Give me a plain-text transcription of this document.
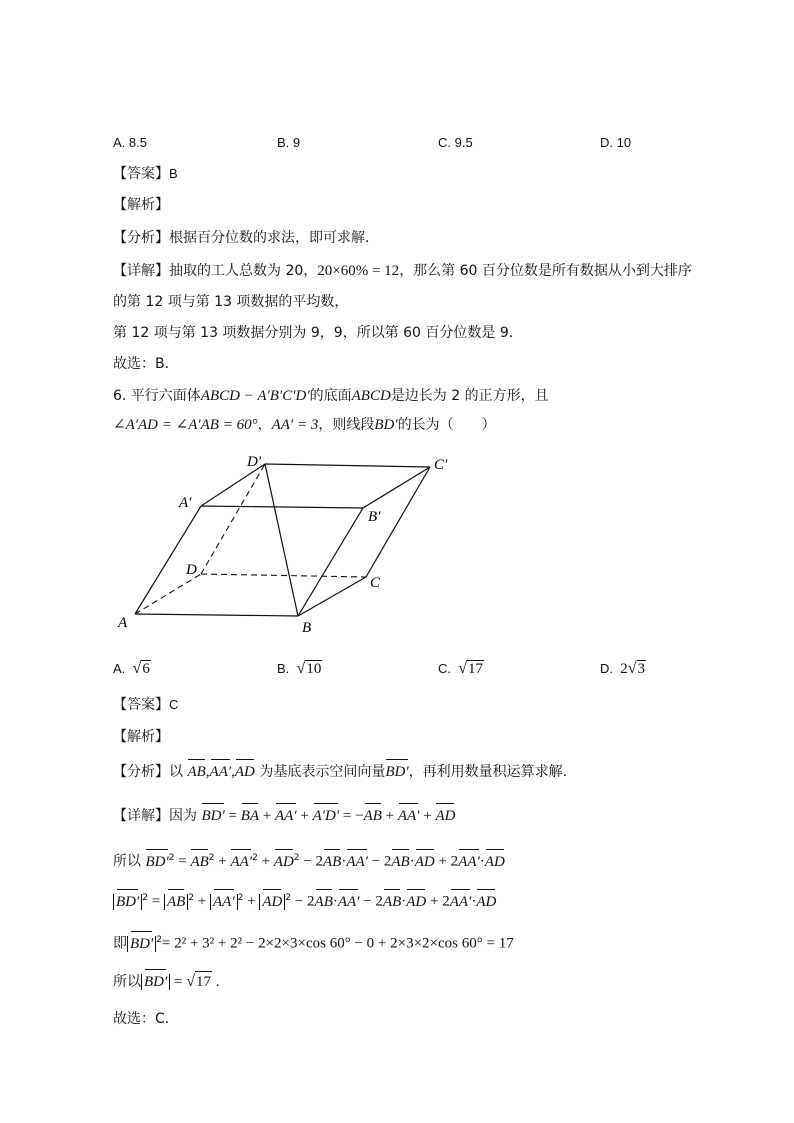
A. 8.5	B. 9	C. 9.5	D. 10
【答案】B
【解析】
【分析】根据百分位数的求法，即可求解．
【详解】抽取的工人总数为 20，20×60% = 12，那么第 60 百分位数是所有数据从小到大排序
的第 12 项与第 13 项数据的平均数，
第 12 项与第 13 项数据分别为 9，9，所以第 60 百分位数是 9．
故选：B．
6. 平行六面体ABCD − A′B′C′D′的底面ABCD是边长为 2 的正方形，且
∠A′AD = ∠A′AB = 60°，AA′ = 3，则线段BD′的长为（　　）
D′	C′
A′
B′
D
C
A	B
A. √6	B. √10	C. √17	D. 2√3
【答案】C
【解析】
【分析】以 AB,AA′,AD 为基底表示空间向量BD′，再利用数量积运算求解.
【详解】因为 BD′ = BA + AA′ + A′D′ = −AB + AA′ + AD
所以 $BD'^2 = AB^2 + AA'^2 + AD^2 - 2AB\cdot AA' - 2AB\cdot AD + 2AA'\cdot AD$
BD′ $^2$ = AB $^2$ + AA′ $^2$ + AD $^2$ − 2AB·AA′ − 2AB·AD + 2AA′·AD
即 BD′ $^2$= 2² + 3² + 2² − 2×2×3×cos 60° − 0 + 2×3×2×cos 60° = 17
所以 BD′ = √17 .
故选：C．
